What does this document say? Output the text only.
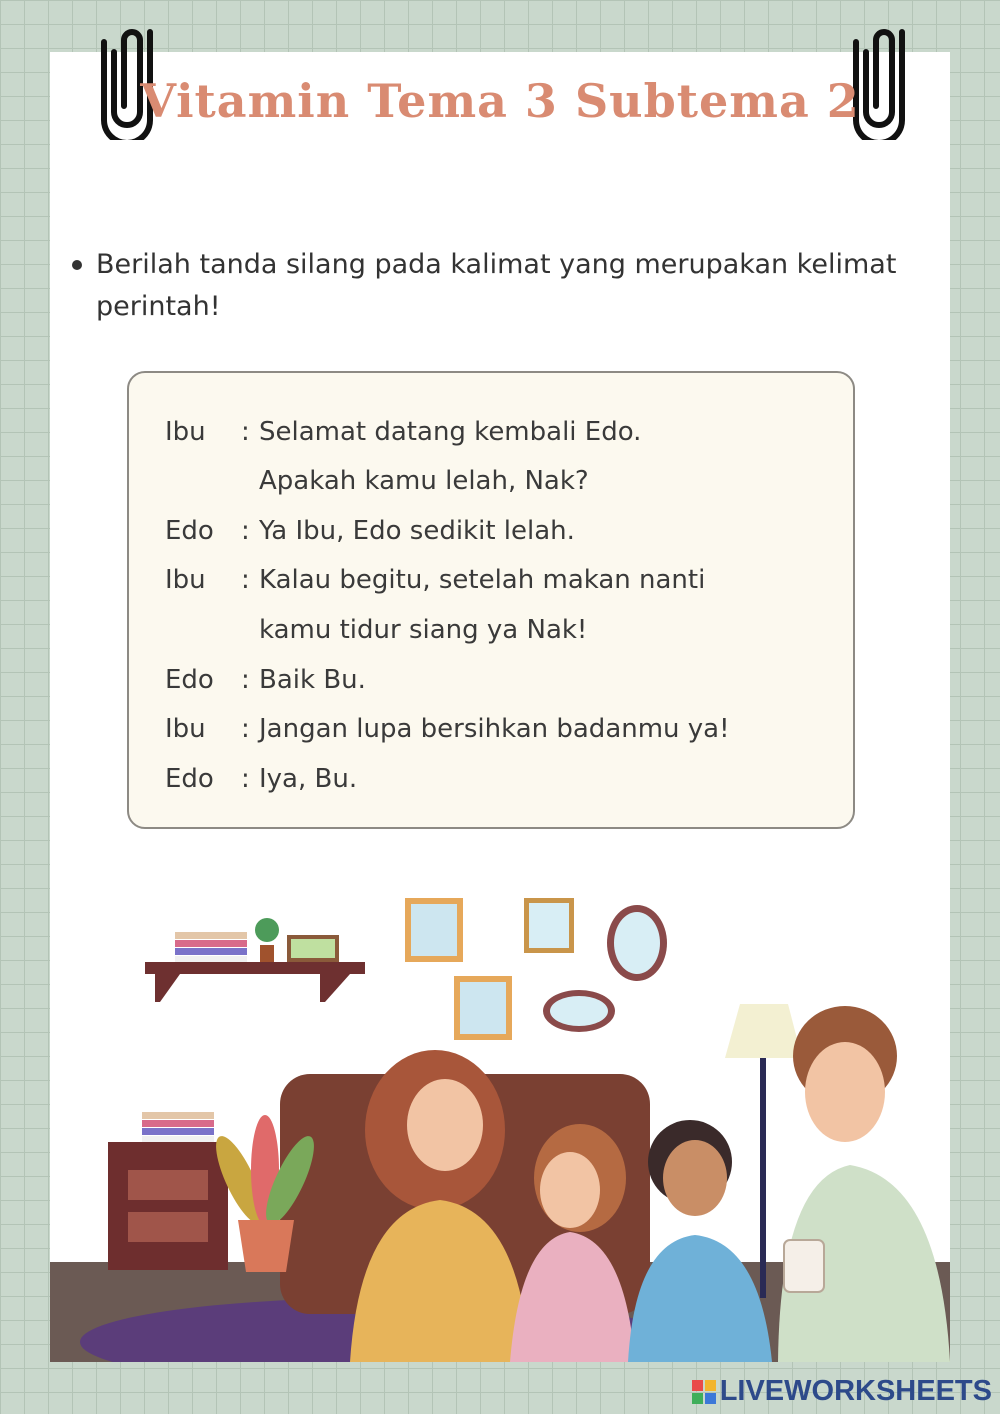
Vitamin Tema 3 Subtema 2
Berilah tanda silang pada kalimat yang merupakan kelimat perintah!
Ibu : Selamat datang kembali Edo.
Apakah kamu lelah, Nak?
Edo : Ya Ibu, Edo sedikit lelah.
Ibu : Kalau begitu, setelah makan nanti
kamu tidur siang ya Nak!
Edo : Baik Bu.
Ibu : Jangan lupa bersihkan badanmu ya!
Edo : Iya, Bu.
LIVEWORKSHEETS
